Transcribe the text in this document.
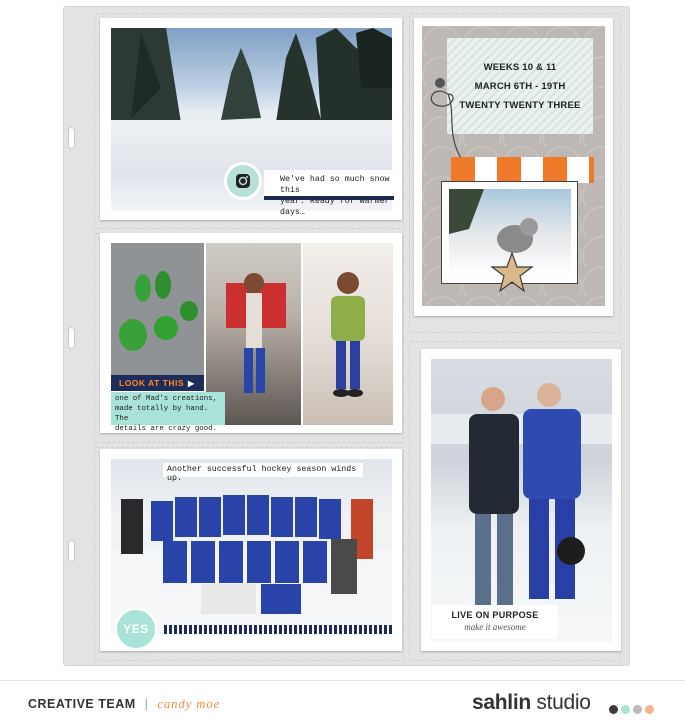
We've had so much snow this
year. Ready for warmer days…
LOOK AT THIS ▶
one of Mad's creations,
made totally by hand. The
details are crazy good.
Another successful hockey season winds up.
YES
WEEKS 10 & 11
MARCH 6TH - 19TH
TWENTY TWENTY THREE
LIVE ON PURPOSE
make it awesome
CREATIVE TEAM | candy moe	sahlin studio
